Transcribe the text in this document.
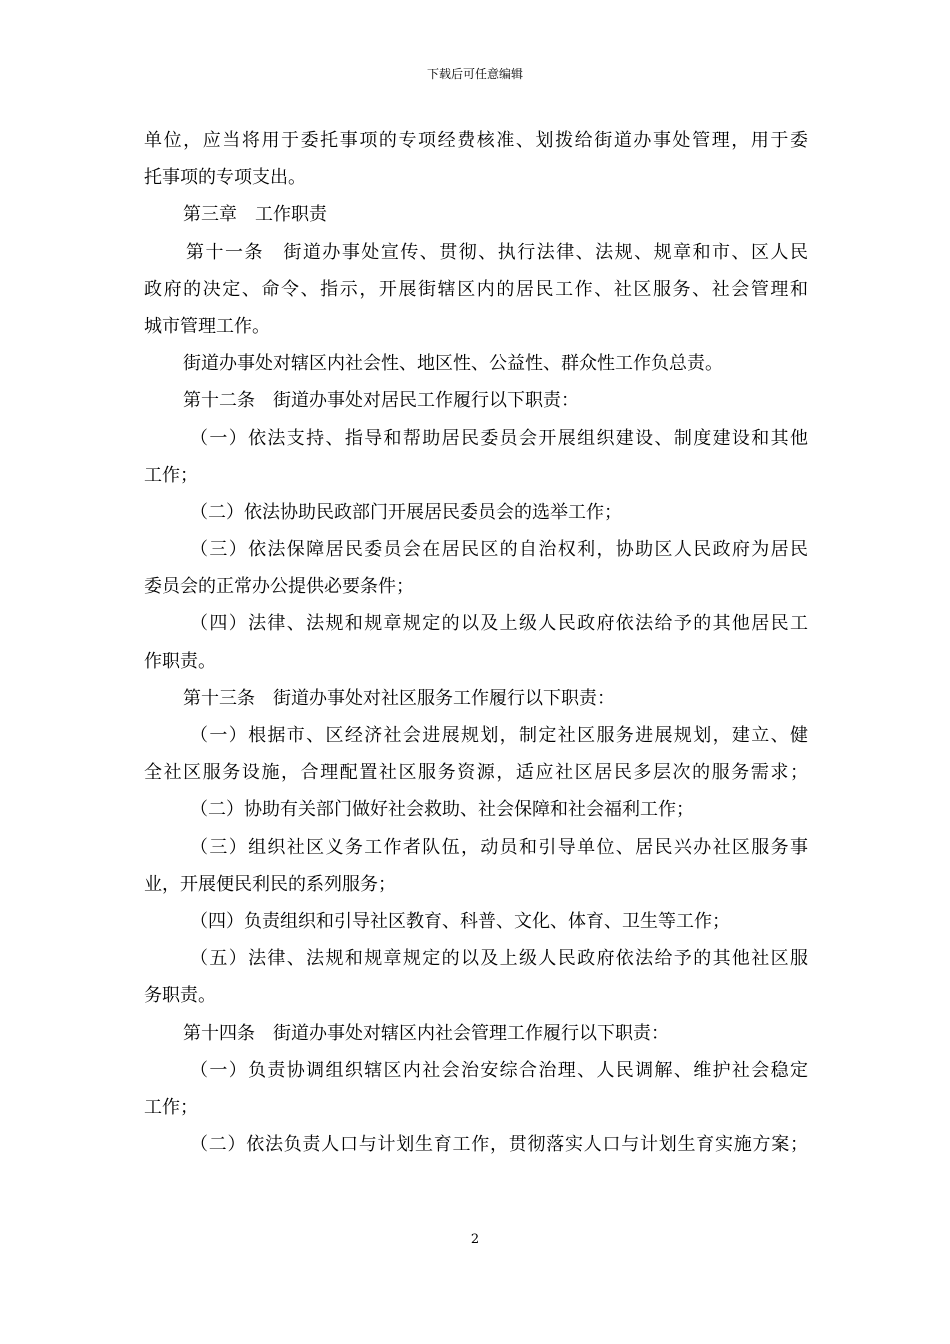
下载后可任意编辑
单位，应当将用于委托事项的专项经费核准、划拨给街道办事处管理，用于委
托事项的专项支出。
第三章　工作职责
第十一条　街道办事处宣传、贯彻、执行法律、法规、规章和市、区人民
政府的决定、命令、指示，开展街辖区内的居民工作、社区服务、社会管理和
城市管理工作。
街道办事处对辖区内社会性、地区性、公益性、群众性工作负总责。
第十二条　街道办事处对居民工作履行以下职责：
（一）依法支持、指导和帮助居民委员会开展组织建设、制度建设和其他
工作；
（二）依法协助民政部门开展居民委员会的选举工作；
（三）依法保障居民委员会在居民区的自治权利，协助区人民政府为居民
委员会的正常办公提供必要条件；
（四）法律、法规和规章规定的以及上级人民政府依法给予的其他居民工
作职责。
第十三条　街道办事处对社区服务工作履行以下职责：
（一）根据市、区经济社会进展规划，制定社区服务进展规划，建立、健
全社区服务设施，合理配置社区服务资源，适应社区居民多层次的服务需求；
（二）协助有关部门做好社会救助、社会保障和社会福利工作；
（三）组织社区义务工作者队伍，动员和引导单位、居民兴办社区服务事
业，开展便民利民的系列服务；
（四）负责组织和引导社区教育、科普、文化、体育、卫生等工作；
（五）法律、法规和规章规定的以及上级人民政府依法给予的其他社区服
务职责。
第十四条　街道办事处对辖区内社会管理工作履行以下职责：
（一）负责协调组织辖区内社会治安综合治理、人民调解、维护社会稳定
工作；
（二）依法负责人口与计划生育工作，贯彻落实人口与计划生育实施方案；
2
